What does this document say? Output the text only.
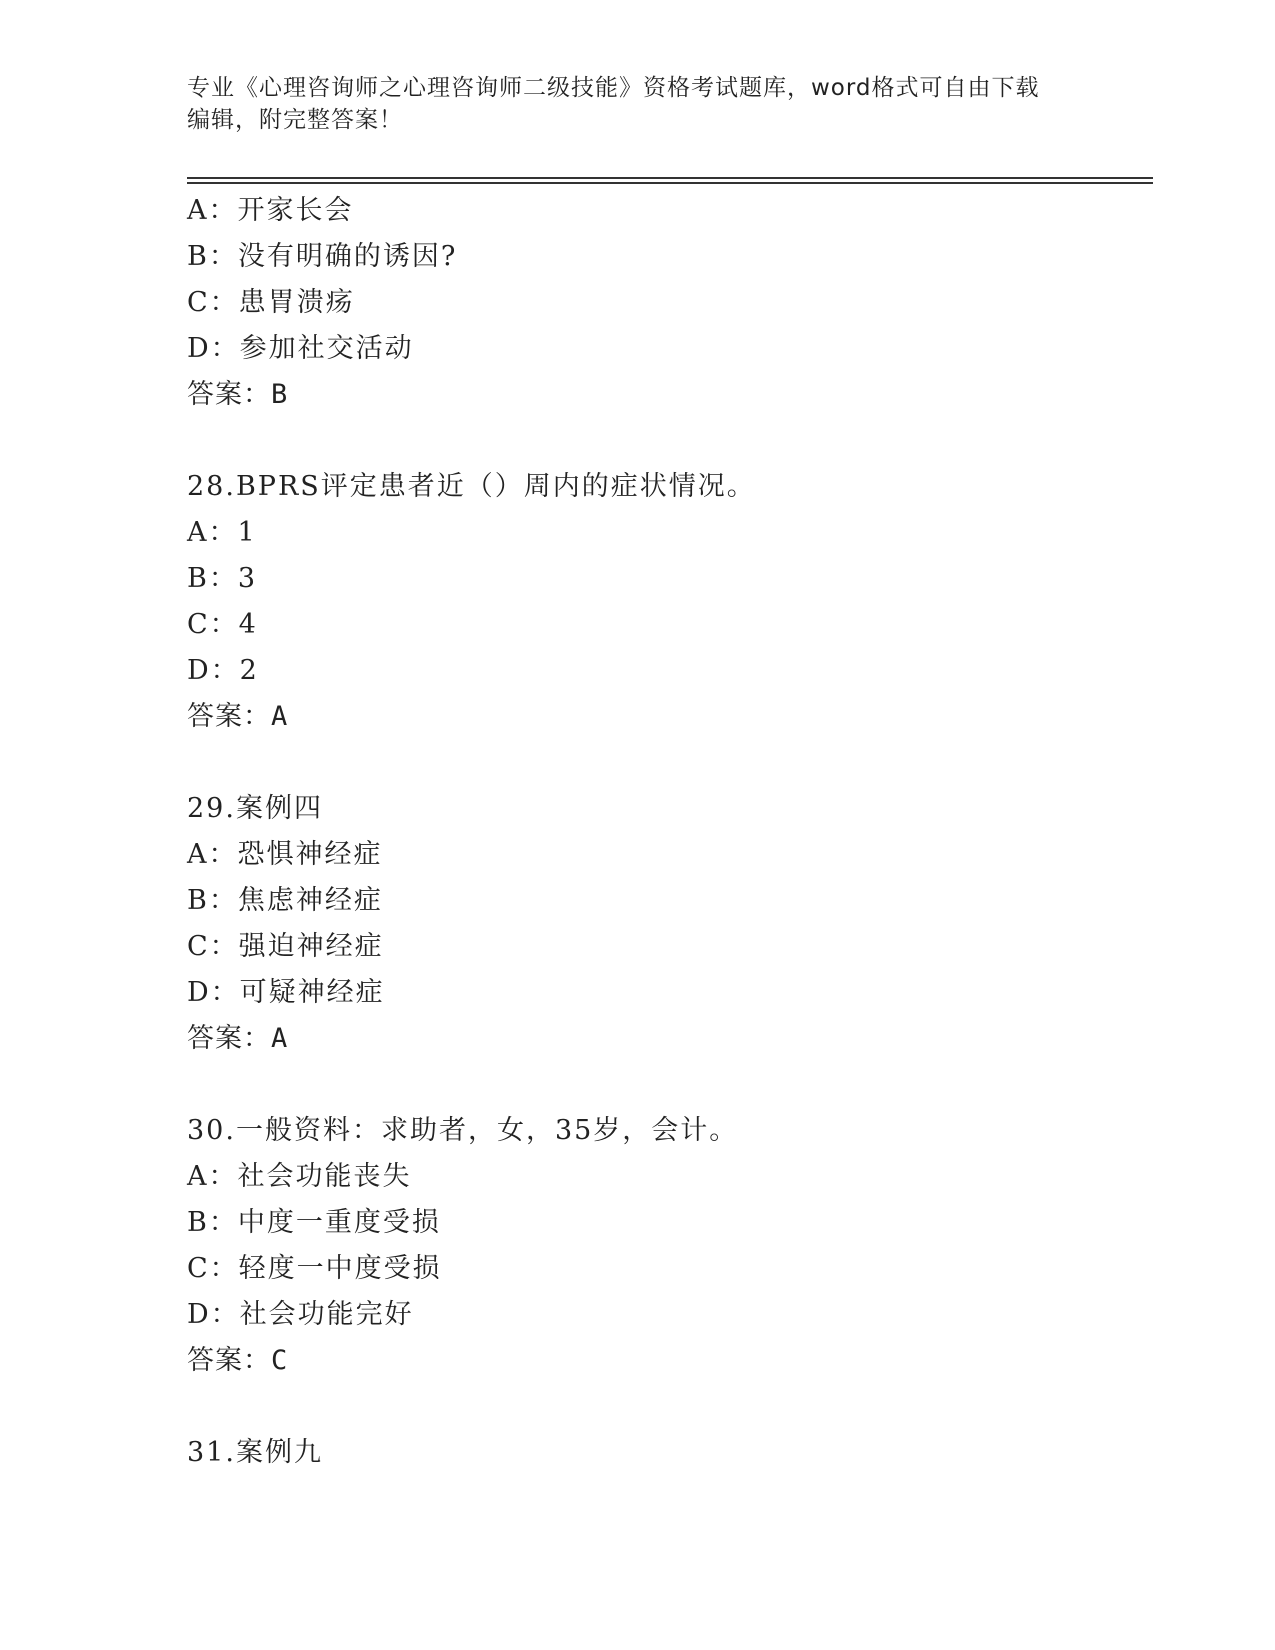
专业《心理咨询师之心理咨询师二级技能》资格考试题库，word格式可自由下载
编辑，附完整答案！
A：开家长会
B：没有明确的诱因?
C：患胃溃疡
D：参加社交活动
答案：B
28.BPRS评定患者近（）周内的症状情况。
A：1
B：3
C：4
D：2
答案：A
29.案例四
A：恐惧神经症
B：焦虑神经症
C：强迫神经症
D：可疑神经症
答案：A
30.一般资料：求助者，女，35岁，会计。
A：社会功能丧失
B：中度一重度受损
C：轻度一中度受损
D：社会功能完好
答案：C
31.案例九
